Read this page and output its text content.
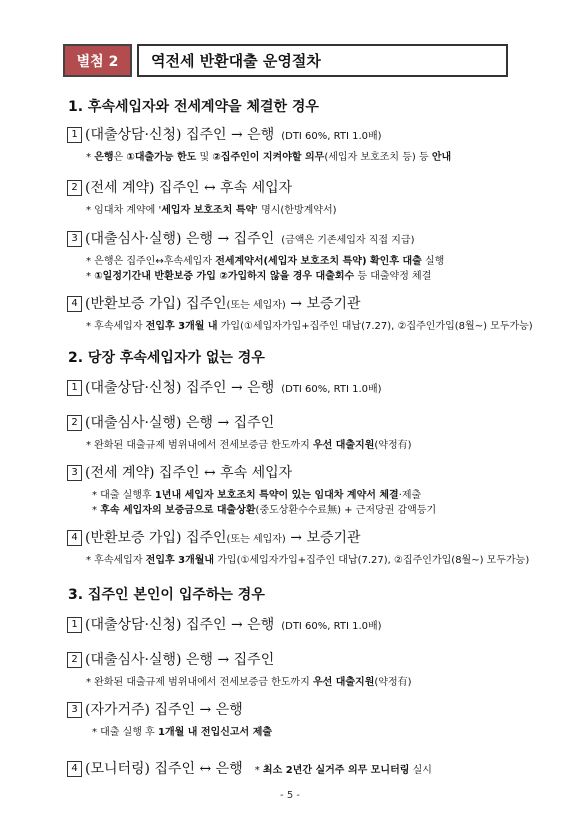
별첨 2	역전세 반환대출 운영절차
1. 후속세입자와 전세계약을 체결한 경우
1 (대출상담·신청) 집주인 → 은행 (DTI 60%, RTI 1.0배)
* 은행은 ①대출가능 한도 및 ②집주인이 지켜야할 의무(세입자 보호조치 등) 등 안내
2 (전세 계약) 집주인 ↔ 후속 세입자
* 임대차 계약에 '세입자 보호조치 특약' 명시(한방계약서)
3 (대출심사·실행) 은행 → 집주인 (금액은 기존세입자 직접 지급)
* 은행은 집주인↔후속세입자 전세계약서(세입자 보호조치 특약) 확인후 대출 실행
* ①일정기간내 반환보증 가입 ②가입하지 않을 경우 대출회수 등 대출약정 체결
4 (반환보증 가입) 집주인(또는 세입자) → 보증기관
* 후속세입자 전입후 3개월 내 가입(①세입자가입+집주인 대납(7.27), ②집주인가입(8월~) 모두가능)
2. 당장 후속세입자가 없는 경우
1 (대출상담·신청) 집주인 → 은행 (DTI 60%, RTI 1.0배)
2 (대출심사·실행) 은행 → 집주인
* 완화된 대출규제 범위내에서 전세보증금 한도까지 우선 대출지원(약정有)
3 (전세 계약) 집주인 ↔ 후속 세입자
* 대출 실행후 1년내 세입자 보호조치 특약이 있는 임대차 계약서 체결·제출
* 후속 세입자의 보증금으로 대출상환(중도상환수수료無) + 근저당권 감액등기
4 (반환보증 가입) 집주인(또는 세입자) → 보증기관
* 후속세입자 전입후 3개월내 가입(①세입자가입+집주인 대납(7.27), ②집주인가입(8월~) 모두가능)
3. 집주인 본인이 입주하는 경우
1 (대출상담·신청) 집주인 → 은행 (DTI 60%, RTI 1.0배)
2 (대출심사·실행) 은행 → 집주인
* 완화된 대출규제 범위내에서 전세보증금 한도까지 우선 대출지원(약정有)
3 (자가거주) 집주인 → 은행
* 대출 실행 후 1개월 내 전입신고서 제출
4 (모니터링) 집주인 ↔ 은행 * 최소 2년간 실거주 의무 모니터링 실시
- 5 -
